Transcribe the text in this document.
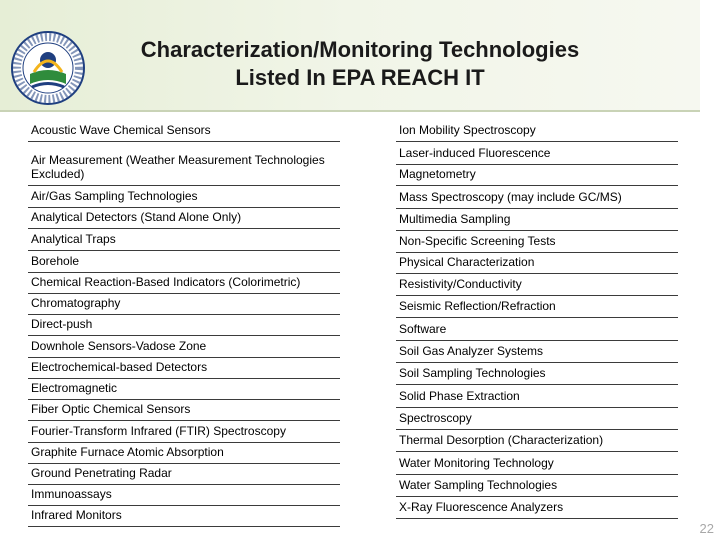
Characterization/Monitoring Technologies
Listed In EPA REACH IT
Acoustic Wave Chemical Sensors
Air Measurement (Weather Measurement Technologies Excluded)
Air/Gas Sampling Technologies
Analytical Detectors (Stand Alone Only)
Analytical Traps
Borehole
Chemical Reaction-Based Indicators (Colorimetric)
Chromatography
Direct-push
Downhole Sensors-Vadose Zone
Electrochemical-based Detectors
Electromagnetic
Fiber Optic Chemical Sensors
Fourier-Transform Infrared (FTIR) Spectroscopy
Graphite Furnace Atomic Absorption
Ground Penetrating Radar
Immunoassays
Infrared Monitors
Ion Mobility Spectroscopy
Laser-induced Fluorescence
Magnetometry
Mass Spectroscopy (may include GC/MS)
Multimedia Sampling
Non-Specific Screening Tests
Physical Characterization
Resistivity/Conductivity
Seismic Reflection/Refraction
Software
Soil Gas Analyzer Systems
Soil Sampling Technologies
Solid Phase Extraction
Spectroscopy
Thermal Desorption (Characterization)
Water Monitoring Technology
Water Sampling Technologies
X-Ray Fluorescence Analyzers
22
